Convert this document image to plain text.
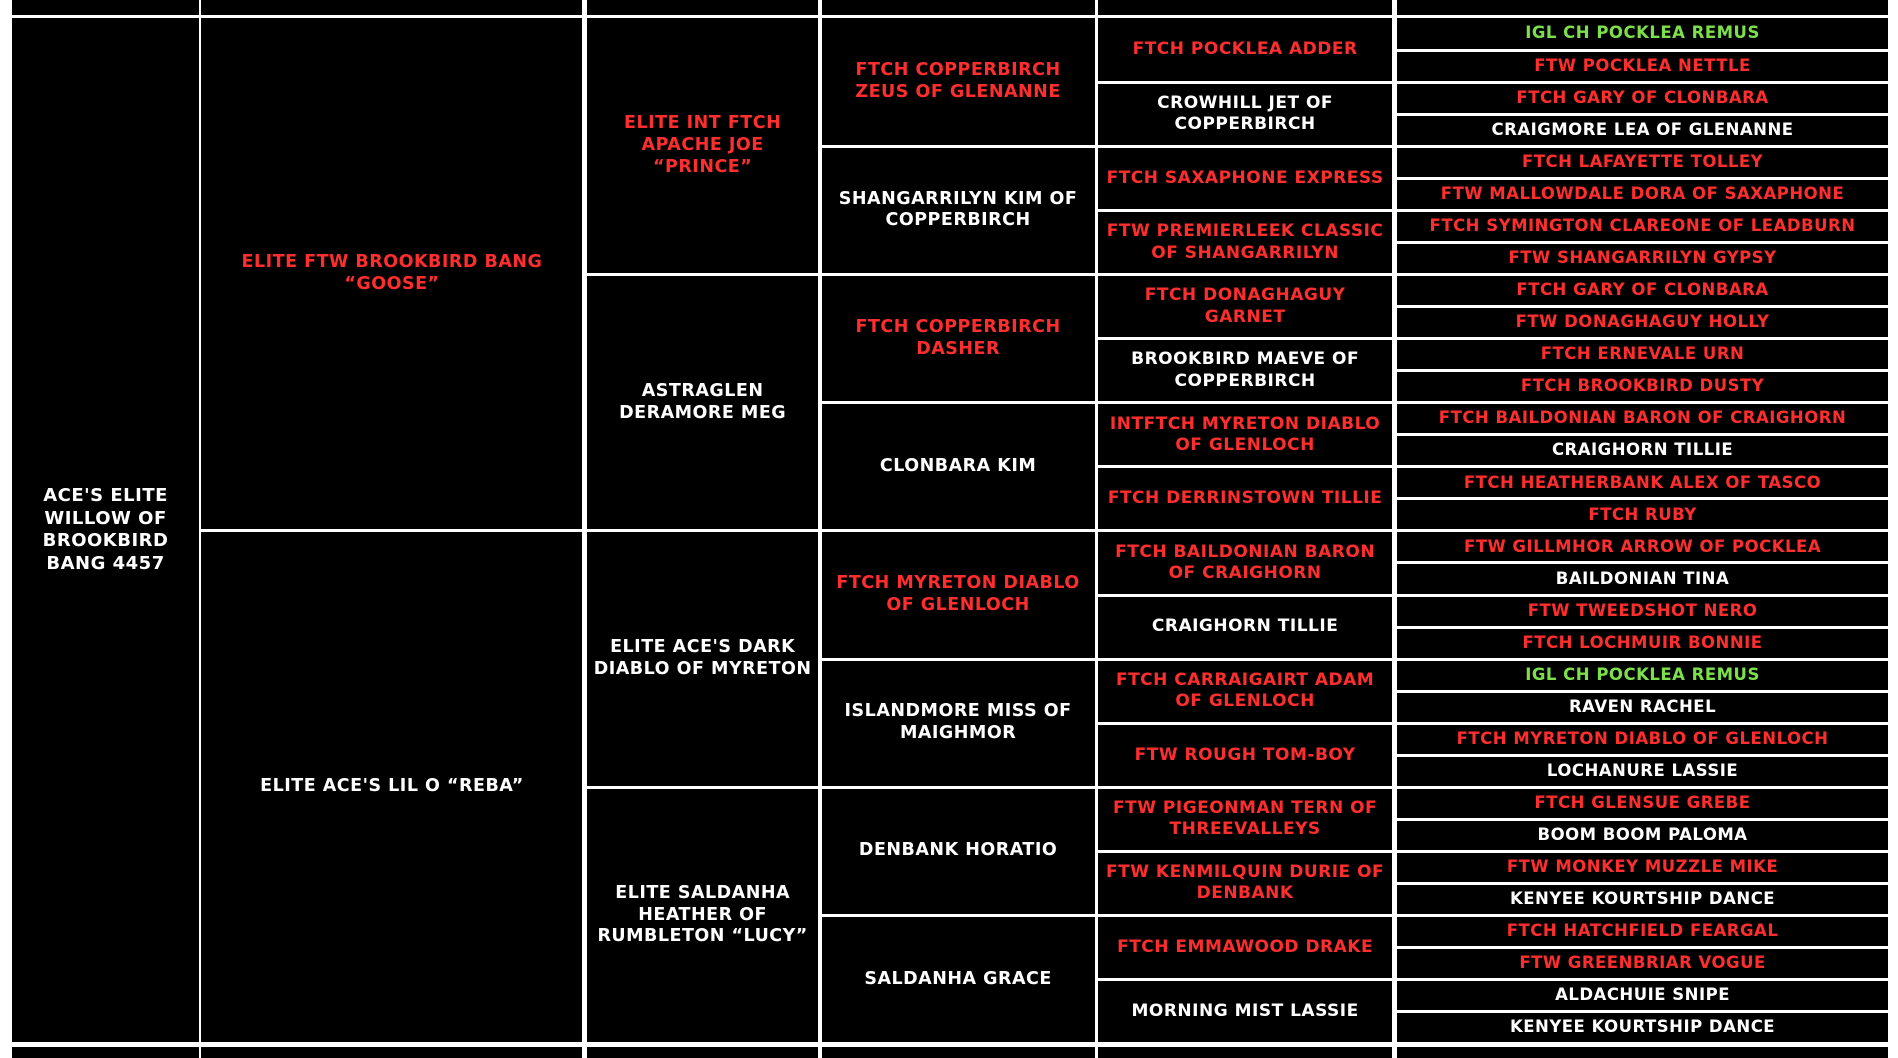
ACE'S ELITE WILLOW OF BROOKBIRD BANG 4457
ELITE FTW BROOKBIRD BANG “GOOSE”
ELITE ACE'S LIL O “REBA”
ELITE INT FTCH APACHE JOE “PRINCE”
ASTRAGLEN DERAMORE MEG
ELITE ACE'S DARK DIABLO OF MYRETON
ELITE SALDANHA HEATHER OF RUMBLETON “LUCY”
FTCH COPPERBIRCH ZEUS OF GLENANNE
SHANGARRILYN KIM OF COPPERBIRCH
FTCH COPPERBIRCH DASHER
CLONBARA KIM
FTCH MYRETON DIABLO OF GLENLOCH
ISLANDMORE MISS OF MAIGHMOR
DENBANK HORATIO
SALDANHA GRACE
FTCH POCKLEA ADDER
CROWHILL JET OF COPPERBIRCH
FTCH SAXAPHONE EXPRESS
FTW PREMIERLEEK CLASSIC OF SHANGARRILYN
FTCH DONAGHAGUY GARNET
BROOKBIRD MAEVE OF COPPERBIRCH
INTFTCH MYRETON DIABLO OF GLENLOCH
FTCH DERRINSTOWN TILLIE
FTCH BAILDONIAN BARON OF CRAIGHORN
CRAIGHORN TILLIE
FTCH CARRAIGAIRT ADAM OF GLENLOCH
FTW ROUGH TOM-BOY
FTW PIGEONMAN TERN OF THREEVALLEYS
FTW KENMILQUIN DURIE OF DENBANK
FTCH EMMAWOOD DRAKE
MORNING MIST LASSIE
IGL CH POCKLEA REMUS
FTW POCKLEA NETTLE
FTCH GARY OF CLONBARA
CRAIGMORE LEA OF GLENANNE
FTCH LAFAYETTE TOLLEY
FTW MALLOWDALE DORA OF SAXAPHONE
FTCH SYMINGTON CLAREONE OF LEADBURN
FTW SHANGARRILYN GYPSY
FTCH GARY OF CLONBARA
FTW DONAGHAGUY HOLLY
FTCH ERNEVALE URN
FTCH BROOKBIRD DUSTY
FTCH BAILDONIAN BARON OF CRAIGHORN
CRAIGHORN TILLIE
FTCH HEATHERBANK ALEX OF TASCO
FTCH RUBY
FTW GILLMHOR ARROW OF POCKLEA
BAILDONIAN TINA
FTW TWEEDSHOT NERO
FTCH LOCHMUIR BONNIE
IGL CH POCKLEA REMUS
RAVEN RACHEL
FTCH MYRETON DIABLO OF GLENLOCH
LOCHANURE LASSIE
FTCH GLENSUE GREBE
BOOM BOOM PALOMA
FTW MONKEY MUZZLE MIKE
KENYEE KOURTSHIP DANCE
FTCH HATCHFIELD FEARGAL
FTW GREENBRIAR VOGUE
ALDACHUIE SNIPE
KENYEE KOURTSHIP DANCE
